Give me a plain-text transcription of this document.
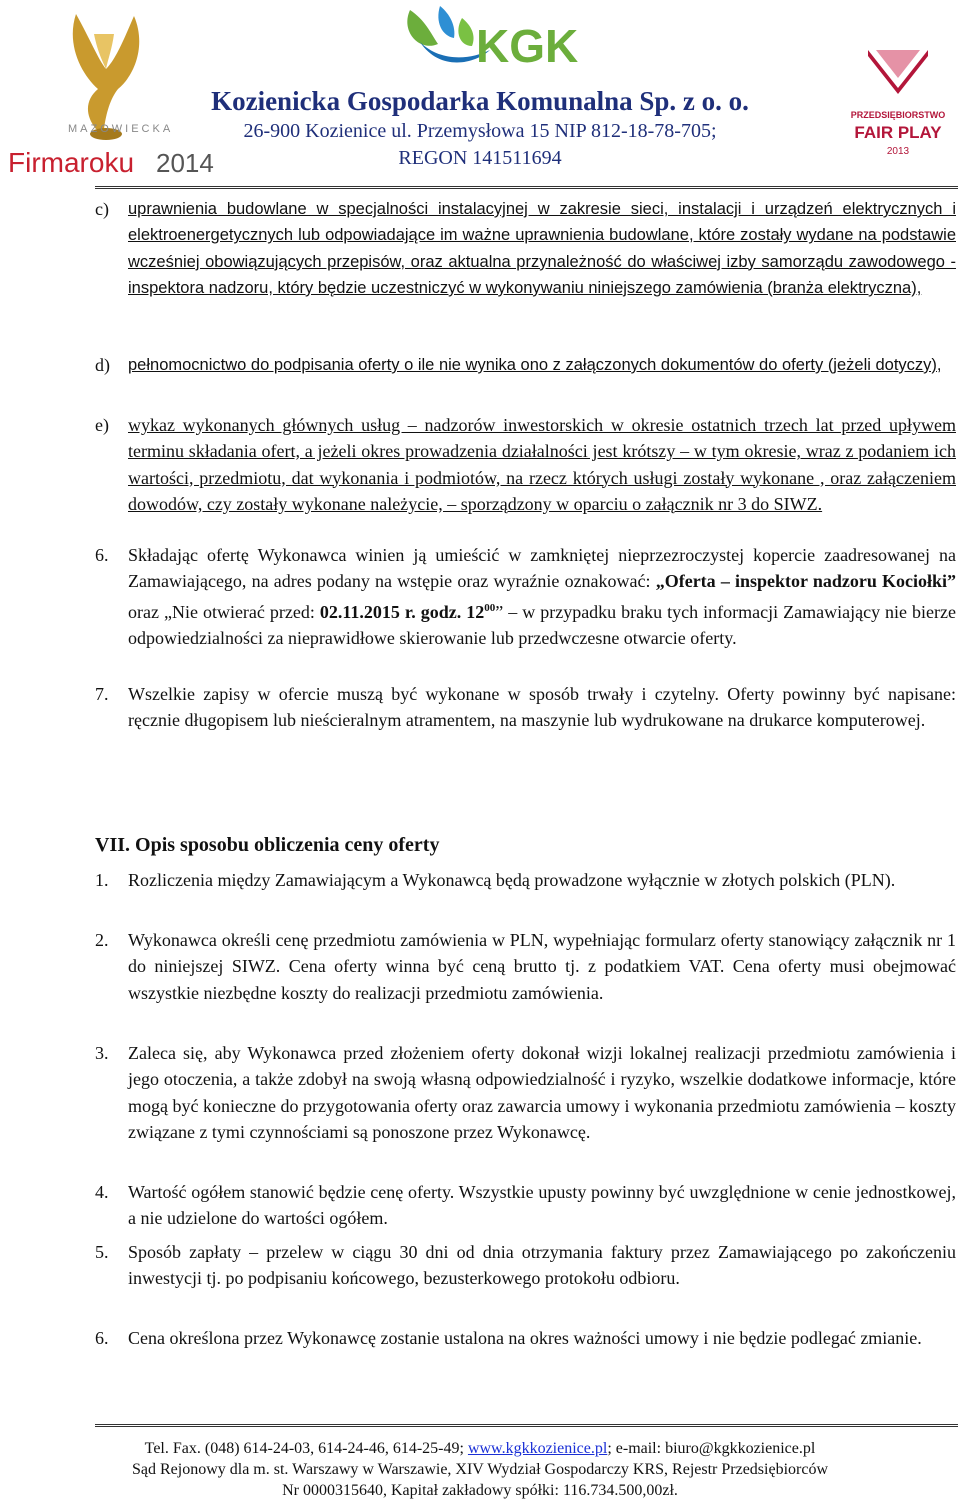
MAZOWIECKA
Firmaroku 2014
KGK
PRZEDSIĘBIORSTWO
FAIR PLAY
2013
Kozienicka Gospodarka Komunalna Sp. z o. o.
26-900 Kozienice ul. Przemysłowa 15 NIP 812-18-78-705;
REGON 141511694
c) uprawnienia budowlane w specjalności instalacyjnej w zakresie sieci, instalacji i urządzeń elektrycznych i elektroenergetycznych lub odpowiadające im ważne uprawnienia budowlane, które zostały wydane na podstawie wcześniej obowiązujących przepisów, oraz aktualna przynależność do właściwej izby samorządu zawodowego - inspektora nadzoru, który będzie uczestniczyć w wykonywaniu niniejszego zamówienia (branża elektryczna),
d) pełnomocnictwo do podpisania oferty o ile nie wynika ono z załączonych dokumentów do oferty (jeżeli dotyczy),
e) wykaz wykonanych głównych usług – nadzorów inwestorskich w okresie ostatnich trzech lat przed upływem terminu składania ofert, a jeżeli okres prowadzenia działalności jest krótszy – w tym okresie, wraz z podaniem ich wartości, przedmiotu, dat wykonania i podmiotów, na rzecz których usługi zostały wykonane , oraz załączeniem dowodów, czy zostały wykonane należycie, – sporządzony w oparciu o załącznik nr 3 do SIWZ.
6. Składając ofertę Wykonawca winien ją umieścić w zamkniętej nieprzezroczystej kopercie zaadresowanej na Zamawiającego, na adres podany na wstępie oraz wyraźnie oznakować: „Oferta – inspektor nadzoru Kociołki” oraz „Nie otwierać przed: 02.11.2015 r. godz. $12^{00}$” – w przypadku braku tych informacji Zamawiający nie bierze odpowiedzialności za nieprawidłowe skierowanie lub przedwczesne otwarcie oferty.
7. Wszelkie zapisy w ofercie muszą być wykonane w sposób trwały i czytelny. Oferty powinny być napisane: ręcznie długopisem lub nieścieralnym atramentem, na maszynie lub wydrukowane na drukarce komputerowej.
VII. Opis sposobu obliczenia ceny oferty
1. Rozliczenia między Zamawiającym a Wykonawcą będą prowadzone wyłącznie w złotych polskich (PLN).
2. Wykonawca określi cenę przedmiotu zamówienia w PLN, wypełniając formularz oferty stanowiący załącznik nr 1 do niniejszej SIWZ. Cena oferty winna być ceną brutto tj. z podatkiem VAT. Cena oferty musi obejmować wszystkie niezbędne koszty do realizacji przedmiotu zamówienia.
3. Zaleca się, aby Wykonawca przed złożeniem oferty dokonał wizji lokalnej realizacji przedmiotu zamówienia i jego otoczenia, a także zdobył na swoją własną odpowiedzialność i ryzyko, wszelkie dodatkowe informacje, które mogą być konieczne do przygotowania oferty oraz zawarcia umowy i wykonania przedmiotu zamówienia – koszty związane z tymi czynnościami są ponoszone przez Wykonawcę.
4. Wartość ogółem stanowić będzie cenę oferty. Wszystkie upusty powinny być uwzględnione w cenie jednostkowej, a nie udzielone do wartości ogółem.
5. Sposób zapłaty – przelew w ciągu 30 dni od dnia otrzymania faktury przez Zamawiającego po zakończeniu inwestycji tj. po podpisaniu końcowego, bezusterkowego protokołu odbioru.
6. Cena określona przez Wykonawcę zostanie ustalona na okres ważności umowy i nie będzie podlegać zmianie.
Tel. Fax. (048) 614-24-03, 614-24-46, 614-25-49; www.kgkkozienice.pl; e-mail: biuro@kgkkozienice.pl
Sąd Rejonowy dla m. st. Warszawy w Warszawie, XIV Wydział Gospodarczy KRS, Rejestr Przedsiębiorców
Nr 0000315640, Kapitał zakładowy spółki: 116.734.500,00zł.
